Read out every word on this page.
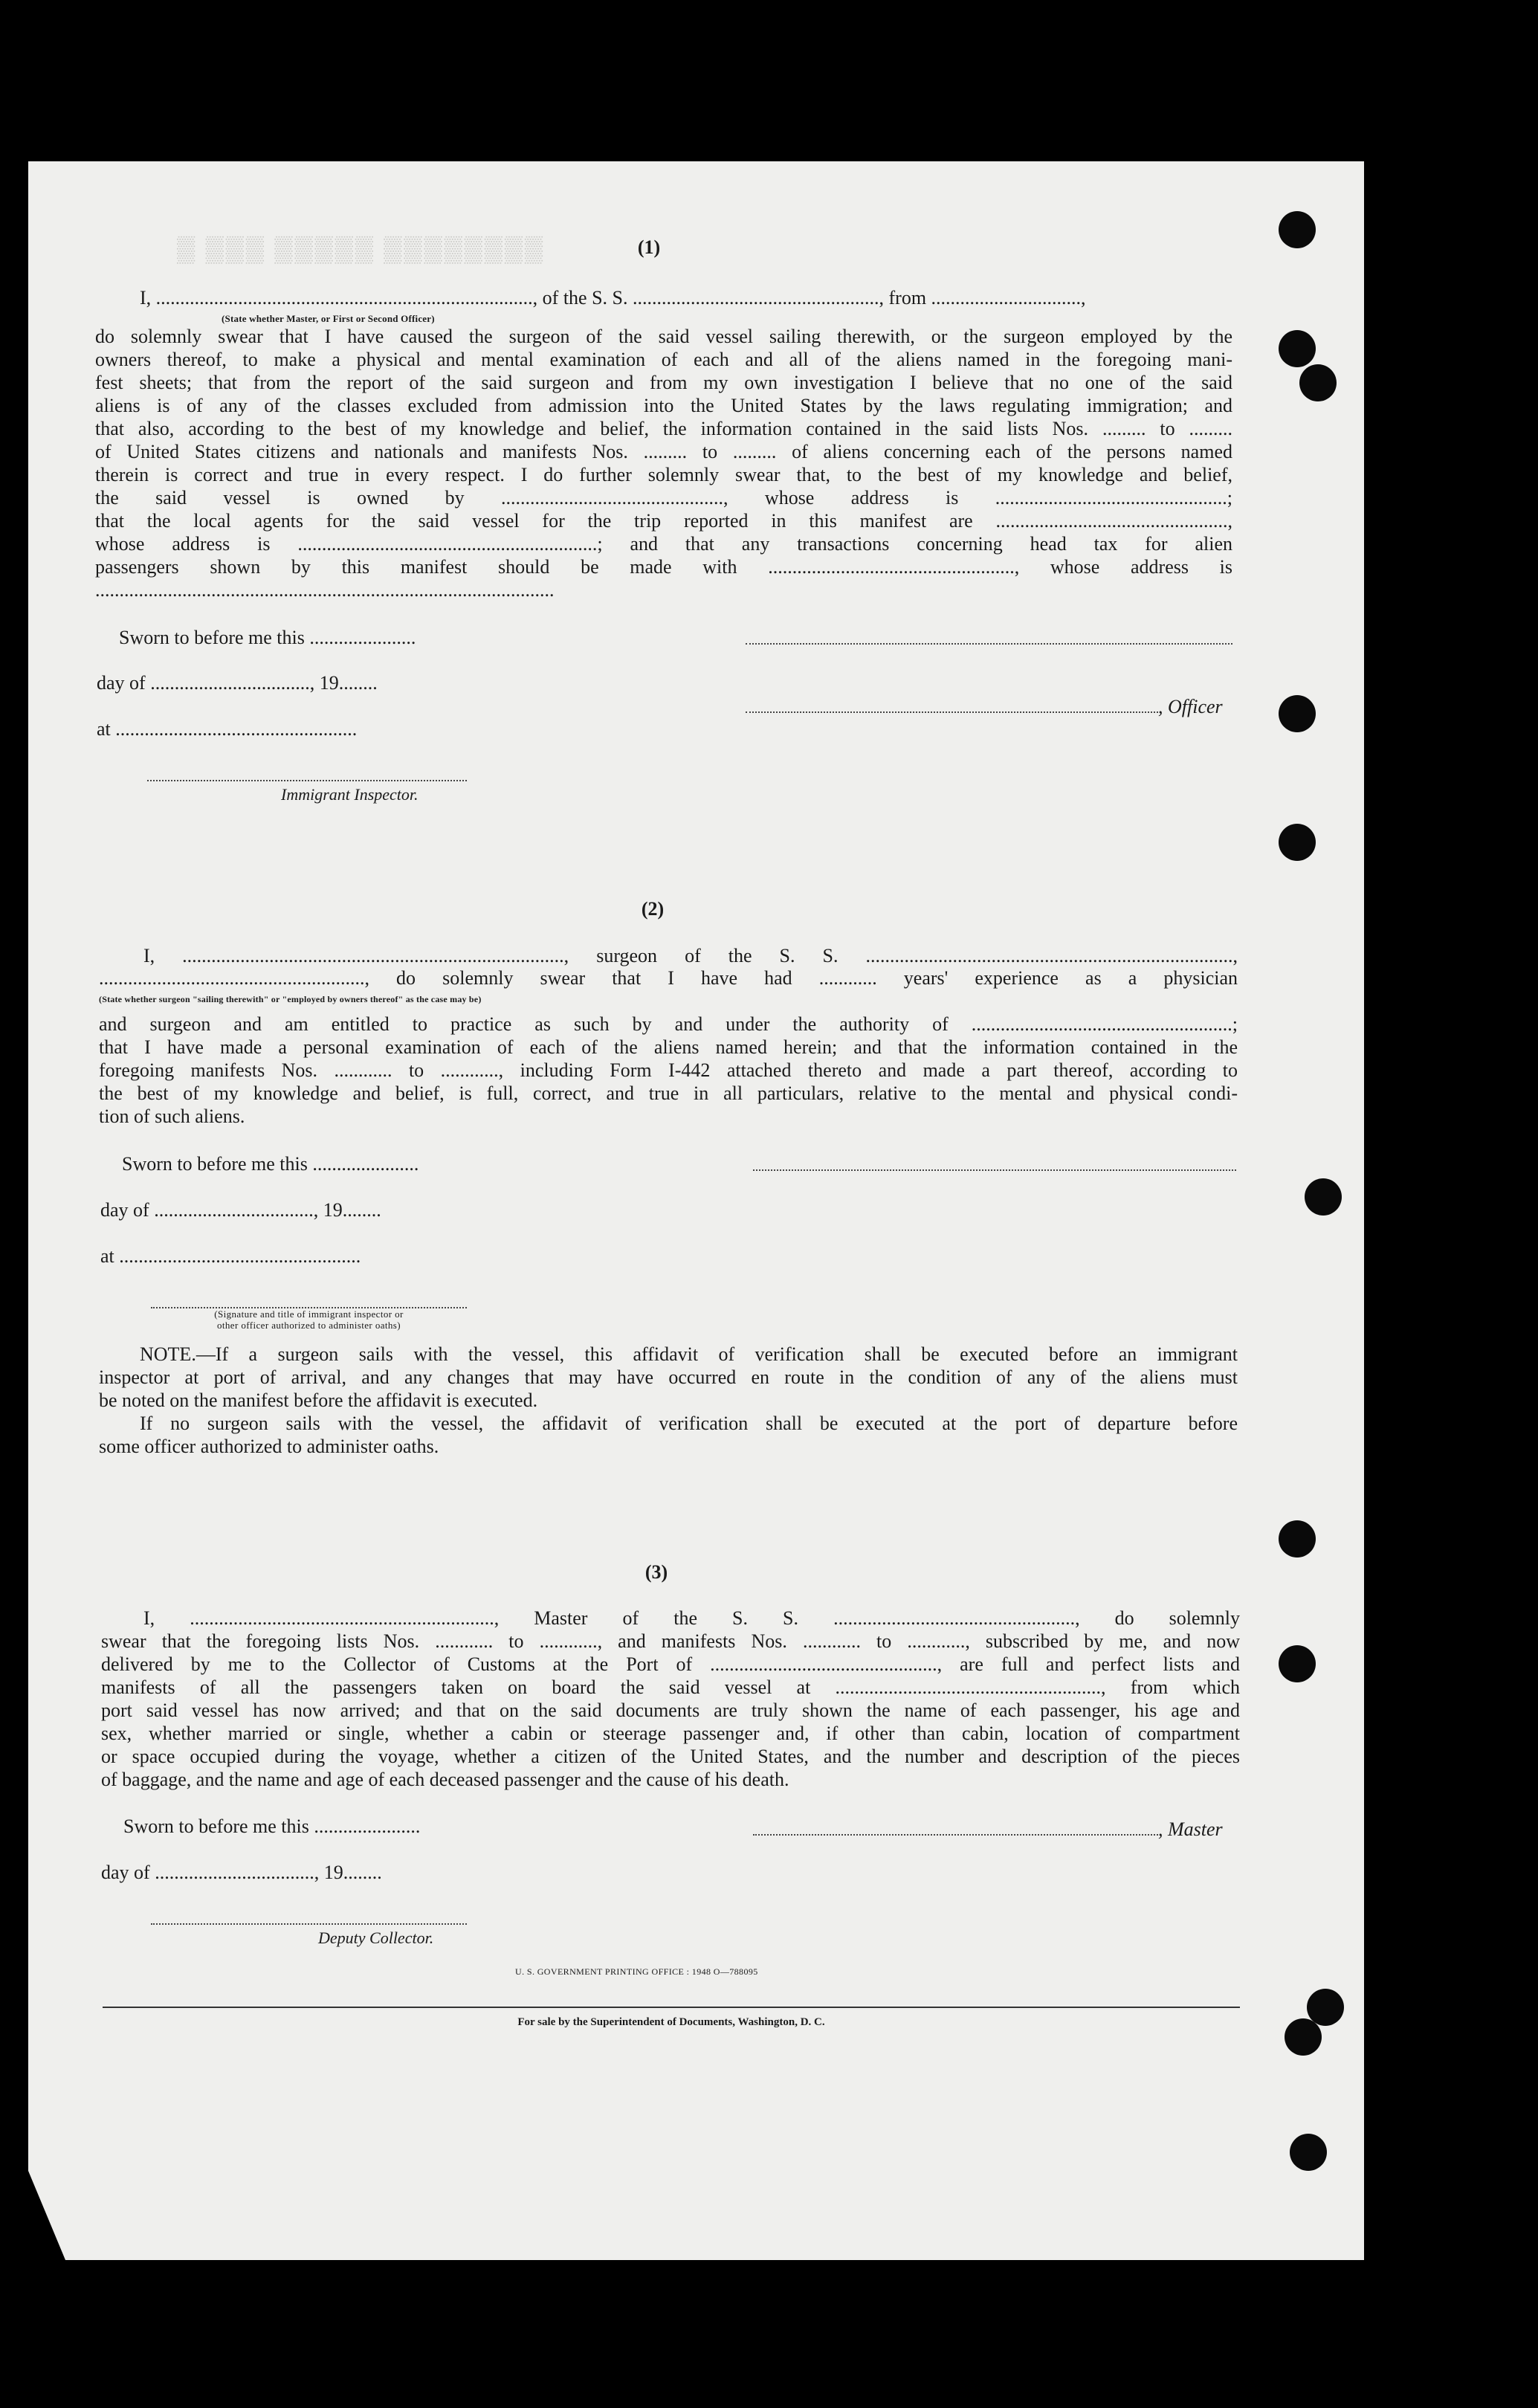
▒ ▒▒▒ ▒▒▒▒▒ ▒▒▒▒▒▒▒▒	(1)
I, .............................................................................., of the S. S. ..................................................., from ...............................,
(State whether Master, or First or Second Officer)
do solemnly swear that I have caused the surgeon of the said vessel sailing therewith, or the surgeon employed by the
owners thereof, to make a physical and mental examination of each and all of the aliens named in the foregoing mani-
fest sheets; that from the report of the said surgeon and from my own investigation I believe that no one of the said
aliens is of any of the classes excluded from admission into the United States by the laws regulating immigration; and
that also, according to the best of my knowledge and belief, the information contained in the said lists Nos. ......... to .........
of United States citizens and nationals and manifests Nos. ......... to ......... of aliens concerning each of the persons named
therein is correct and true in every respect. I do further solemnly swear that, to the best of my knowledge and belief,
the said vessel is owned by .............................................., whose address is ................................................;
that the local agents for the said vessel for the trip reported in this manifest are ................................................,
whose address is ..............................................................; and that any transactions concerning head tax for alien
passengers shown by this manifest should be made with ..................................................., whose address is
...............................................................................................
Sworn to before me this ......................
day of ................................., 19........
at ..................................................
Immigrant Inspector.
, Officer
(2)
I, ..............................................................................., surgeon of the S. S. ............................................................................,
......................................................., do solemnly swear that I have had ............ years' experience as a physician
(State whether surgeon "sailing therewith" or "employed by owners thereof" as the case may be)
and surgeon and am entitled to practice as such by and under the authority of ......................................................;
that I have made a personal examination of each of the aliens named herein; and that the information contained in the
foregoing manifests Nos. ............ to ............, including Form I-442 attached thereto and made a part thereof, according to
the best of my knowledge and belief, is full, correct, and true in all particulars, relative to the mental and physical condi-
tion of such aliens.
Sworn to before me this ......................
day of ................................., 19........
at ..................................................
(Signature and title of immigrant inspector or
other officer authorized to administer oaths)
NOTE.—If a surgeon sails with the vessel, this affidavit of verification shall be executed before an immigrant
inspector at port of arrival, and any changes that may have occurred en route in the condition of any of the aliens must
be noted on the manifest before the affidavit is executed.
If no surgeon sails with the vessel, the affidavit of verification shall be executed at the port of departure before
some officer authorized to administer oaths.
(3)
I, ..............................................................., Master of the S. S. .................................................., do solemnly
swear that the foregoing lists Nos. ............ to ............, and manifests Nos. ............ to ............, subscribed by me, and now
delivered by me to the Collector of Customs at the Port of ..............................................., are full and perfect lists and
manifests of all the passengers taken on board the said vessel at ......................................................., from which
port said vessel has now arrived; and that on the said documents are truly shown the name of each passenger, his age and
sex, whether married or single, whether a cabin or steerage passenger and, if other than cabin, location of compartment
or space occupied during the voyage, whether a citizen of the United States, and the number and description of the pieces
of baggage, and the name and age of each deceased passenger and the cause of his death.
Sworn to before me this ......................
day of ................................., 19........
Deputy Collector.
, Master
U. S. GOVERNMENT PRINTING OFFICE : 1948 O—788095
For sale by the Superintendent of Documents, Washington, D. C.
